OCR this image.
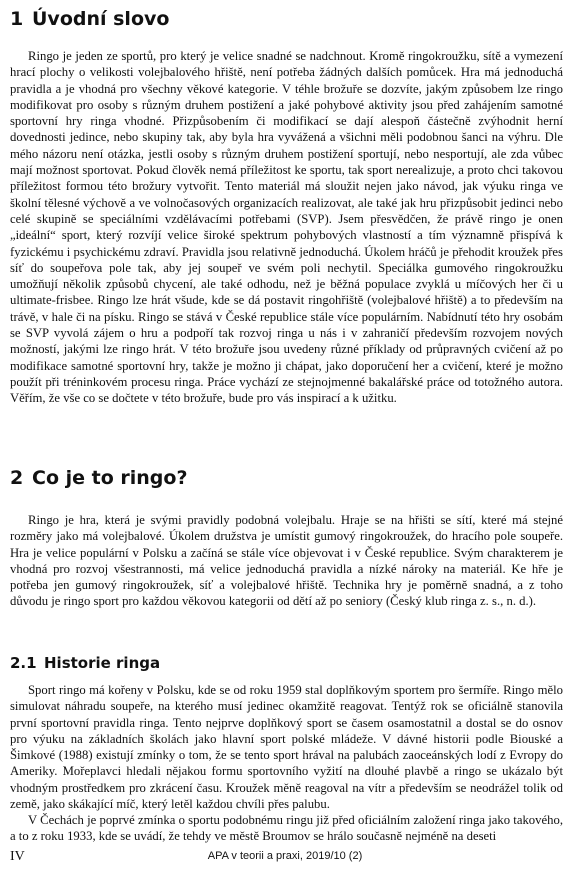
1 Úvodní slovo

Ringo je jeden ze sportů, pro který je velice snadné se nadchnout. Kromě ringokroužku, sítě a vymezení hrací plochy o velikosti volejbalového hřiště, není potřeba žádných dalších pomůcek. Hra má jednoduchá pravidla a je vhodná pro všechny věkové kategorie. V téhle brožuře se dozvíte, jakým způsobem lze ringo modifikovat pro osoby s různým druhem postižení a jaké pohybové aktivity jsou před zahájením samotné sportovní hry ringa vhodné. Přizpůsobením či modifikací se dají alespoň částečně zvýhodnit herní dovednosti jedince, nebo skupiny tak, aby byla hra vyvážená a všichni měli podobnou šanci na výhru. Dle mého názoru není otázka, jestli osoby s různým druhem postižení sportují, nebo nesportují, ale zda vůbec mají možnost sportovat. Pokud člověk nemá příležitost ke sportu, tak sport nerealizuje, a proto chci takovou příležitost formou této brožury vytvořit. Tento materiál má sloužit nejen jako návod, jak výuku ringa ve školní tělesné výchově a ve volnočasových organizacích realizovat, ale také jak hru přizpůsobit jedinci nebo celé skupině se speciálními vzdělávacími potřebami (SVP). Jsem přesvědčen, že právě ringo je onen „ideální“ sport, který rozvíjí velice široké spektrum pohybových vlastností a tím významně přispívá k fyzickému i psychickému zdraví. Pravidla jsou relativně jednoduchá. Úkolem hráčů je přehodit kroužek přes síť do soupeřova pole tak, aby jej soupeř ve svém poli nechytil. Speciálka gumového ringokroužku umožňují několik způsobů chycení, ale také odhodu, než je běžná populace zvyklá u míčových her či u ultimate-frisbee. Ringo lze hrát všude, kde se dá postavit ringohřiště (volejbalové hřiště) a to především na trávě, v hale či na písku. Ringo se stává v České republice stále více populárním. Nabídnutí této hry osobám se SVP vyvolá zájem o hru a podpoří tak rozvoj ringa u nás i v zahraničí především rozvojem nových možností, jakými lze ringo hrát. V této brožuře jsou uvedeny různé příklady od průpravných cvičení až po modifikace samotné sportovní hry, takže je možno ji chápat, jako doporučení her a cvičení, které je možno použít při tréninkovém procesu ringa. Práce vychází ze stejnojmenné bakalářské práce od totožného autora. Věřím, že vše co se dočtete v této brožuře, bude pro vás inspirací a k užitku.

2 Co je to ringo?

Ringo je hra, která je svými pravidly podobná volejbalu. Hraje se na hřišti se sítí, které má stejné rozměry jako má volejbalové. Úkolem družstva je umístit gumový ringokroužek, do hracího pole soupeře. Hra je velice populární v Polsku a začíná se stále více objevovat i v České republice. Svým charakterem je vhodná pro rozvoj všestrannosti, má velice jednoduchá pravidla a nízké nároky na materiál. Ke hře je potřeba jen gumový ringokroužek, síť a volejbalové hřiště. Technika hry je poměrně snadná, a z toho důvodu je ringo sport pro každou věkovou kategorii od dětí až po seniory (Český klub ringa z. s., n. d.).

2.1 Historie ringa

Sport ringo má kořeny v Polsku, kde se od roku 1959 stal doplňkovým sportem pro šermíře. Ringo mělo simulovat náhradu soupeře, na kterého musí jedinec okamžitě reagovat. Tentýž rok se oficiálně stanovila první sportovní pravidla ringa. Tento nejprve doplňkový sport se časem osamostatnil a dostal se do osnov pro výuku na základních školách jako hlavní sport polské mládeže. V dávné historii podle Biouské a Šimkové (1988) existují zmínky o tom, že se tento sport hrával na palubách zaoceánských lodí z Evropy do Ameriky. Mořeplavci hledali nějakou formu sportovního vyžití na dlouhé plavbě a ringo se ukázalo být vhodným prostředkem pro zkrácení času. Kroužek měně reagoval na vítr a především se neodrážel tolik od země, jako skákající míč, který letěl každou chvíli přes palubu.

V Čechách je poprvé zmínka o sportu podobnému ringu již před oficiálním založení ringa jako takového, a to z roku 1933, kde se uvádí, že tehdy ve městě Broumov se hrálo současně nejméně na deseti

IV	APA v teorii a praxi, 2019/10 (2)
